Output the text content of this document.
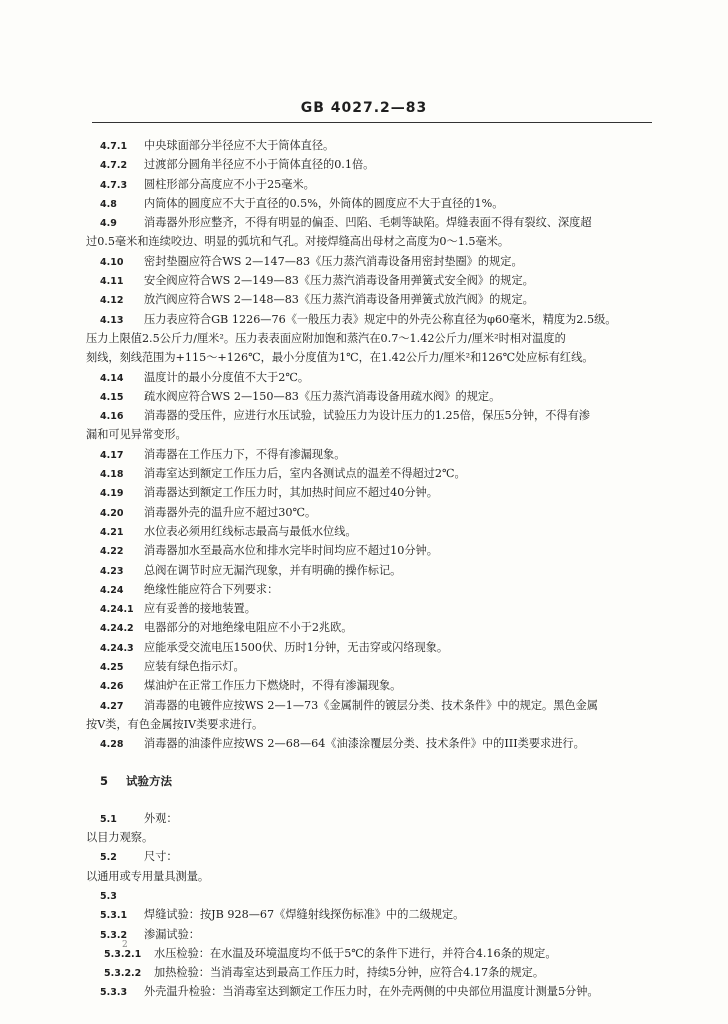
GB 4027.2—83
4.7.1 中央球面部分半径应不大于筒体直径。
4.7.2 过渡部分圆角半径应不小于筒体直径的0.1倍。
4.7.3 圆柱形部分高度应不小于25毫米。
4.8 内筒体的圆度应不大于直径的0.5%，外筒体的圆度应不大于直径的1%。
4.9 消毒器外形应整齐，不得有明显的偏歪、凹陷、毛刺等缺陷。焊缝表面不得有裂纹、深度超
过0.5毫米和连续咬边、明显的弧坑和气孔。对接焊缝高出母材之高度为0～1.5毫米。
4.10 密封垫圈应符合WS 2—147—83《压力蒸汽消毒设备用密封垫圈》的规定。
4.11 安全阀应符合WS 2—149—83《压力蒸汽消毒设备用弹簧式安全阀》的规定。
4.12 放汽阀应符合WS 2—148—83《压力蒸汽消毒设备用弹簧式放汽阀》的规定。
4.13 压力表应符合GB 1226—76《一般压力表》规定中的外壳公称直径为φ60毫米，精度为2.5级。
压力上限值2.5公斤力/厘米²。压力表表面应附加饱和蒸汽在0.7～1.42公斤力/厘米²时相对温度的
刻线，刻线范围为+115～+126℃，最小分度值为1℃，在1.42公斤力/厘米²和126℃处应标有红线。
4.14 温度计的最小分度值不大于2℃。
4.15 疏水阀应符合WS 2—150—83《压力蒸汽消毒设备用疏水阀》的规定。
4.16 消毒器的受压件，应进行水压试验，试验压力为设计压力的1.25倍，保压5分钟，不得有渗
漏和可见异常变形。
4.17 消毒器在工作压力下，不得有渗漏现象。
4.18 消毒室达到额定工作压力后，室内各测试点的温差不得超过2℃。
4.19 消毒器达到额定工作压力时，其加热时间应不超过40分钟。
4.20 消毒器外壳的温升应不超过30℃。
4.21 水位表必须用红线标志最高与最低水位线。
4.22 消毒器加水至最高水位和排水完毕时间均应不超过10分钟。
4.23 总阀在调节时应无漏汽现象，并有明确的操作标记。
4.24 绝缘性能应符合下列要求：
4.24.1 应有妥善的接地装置。
4.24.2 电器部分的对地绝缘电阻应不小于2兆欧。
4.24.3 应能承受交流电压1500伏、历时1分钟，无击穿或闪络现象。
4.25 应装有绿色指示灯。
4.26 煤油炉在正常工作压力下燃烧时，不得有渗漏现象。
4.27 消毒器的电镀件应按WS 2—1—73《金属制件的镀层分类、技术条件》中的规定。黑色金属
按V类，有色金属按IV类要求进行。
4.28 消毒器的油漆件应按WS 2—68—64《油漆涂覆层分类、技术条件》中的III类要求进行。
5 试验方法
5.1 外观：
以目力观察。
5.2 尺寸：
以通用或专用量具测量。
5.3
5.3.1 焊缝试验：按JB 928—67《焊缝射线探伤标准》中的二级规定。
5.3.2 渗漏试验：
5.3.2.1 水压检验：在水温及环境温度均不低于5℃的条件下进行，并符合4.16条的规定。
5.3.2.2 加热检验：当消毒室达到最高工作压力时，持续5分钟，应符合4.17条的规定。
5.3.3 外壳温升检验：当消毒室达到额定工作压力时，在外壳两侧的中央部位用温度计测量5分钟。
2
